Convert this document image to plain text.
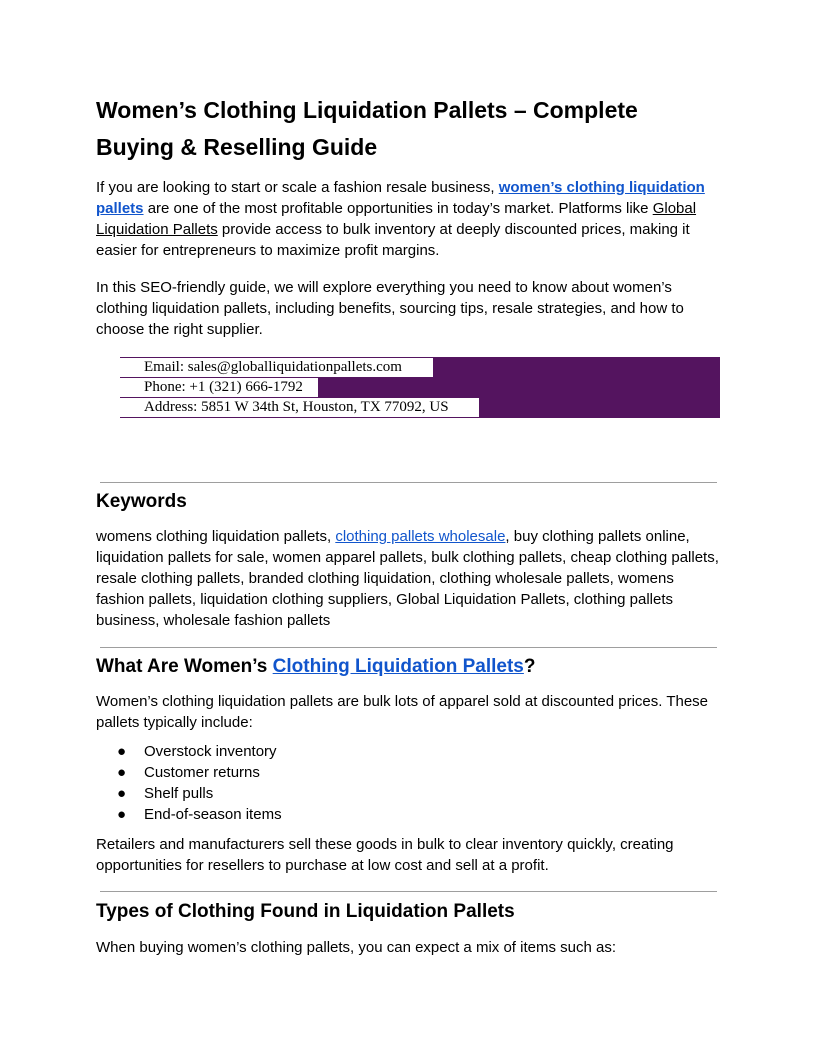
Women’s Clothing Liquidation Pallets – Complete Buying & Reselling Guide

If you are looking to start or scale a fashion resale business, women’s clothing liquidation pallets are one of the most profitable opportunities in today’s market. Platforms like Global Liquidation Pallets provide access to bulk inventory at deeply discounted prices, making it easier for entrepreneurs to maximize profit margins.

In this SEO-friendly guide, we will explore everything you need to know about women’s clothing liquidation pallets, including benefits, sourcing tips, resale strategies, and how to choose the right supplier.

Email: sales@globalliquidationpallets.com
Phone: +1 (321) 666-1792
Address: 5851 W 34th St, Houston, TX 77092, US
Keywords

womens clothing liquidation pallets, clothing pallets wholesale, buy clothing pallets online, liquidation pallets for sale, women apparel pallets, bulk clothing pallets, cheap clothing pallets, resale clothing pallets, branded clothing liquidation, clothing wholesale pallets, womens fashion pallets, liquidation clothing suppliers, Global Liquidation Pallets, clothing pallets business, wholesale fashion pallets

What Are Women’s Clothing Liquidation Pallets?

Women’s clothing liquidation pallets are bulk lots of apparel sold at discounted prices. These pallets typically include:

● Overstock inventory
● Customer returns
● Shelf pulls
● End-of-season items

Retailers and manufacturers sell these goods in bulk to clear inventory quickly, creating opportunities for resellers to purchase at low cost and sell at a profit.

Types of Clothing Found in Liquidation Pallets

When buying women’s clothing pallets, you can expect a mix of items such as:
